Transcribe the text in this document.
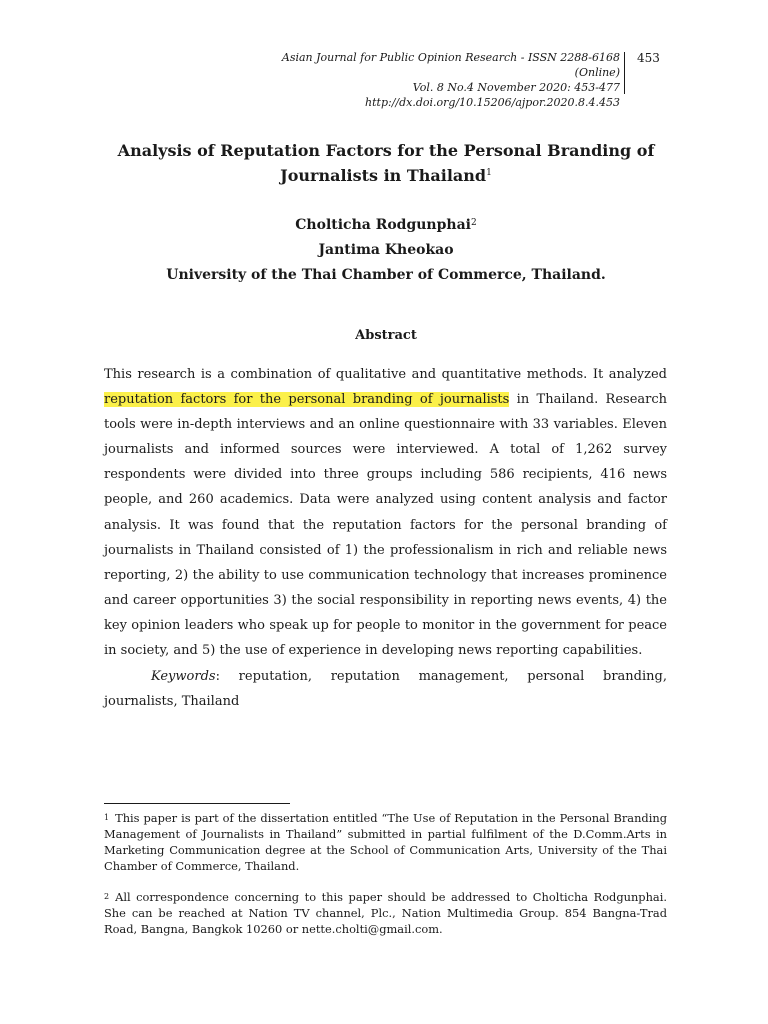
Asian Journal for Public Opinion Research - ISSN 2288-6168 (Online)
Vol. 8 No.4 November 2020: 453-477
http://dx.doi.org/10.15206/ajpor.2020.8.4.453
453
Analysis of Reputation Factors for the Personal Branding of
Journalists in Thailand$^1$
Cholticha Rodgunphai$^2$
Jantima Kheokao
University of the Thai Chamber of Commerce, Thailand.
Abstract
This research is a combination of qualitative and quantitative methods. It analyzed reputation factors for the personal branding of journalists in Thailand. Research tools were in-depth interviews and an online questionnaire with 33 variables. Eleven journalists and informed sources were interviewed. A total of 1,262 survey respondents were divided into three groups including 586 recipients, 416 news people, and 260 academics. Data were analyzed using content analysis and factor analysis. It was found that the reputation factors for the personal branding of journalists in Thailand consisted of 1) the professionalism in rich and reliable news reporting, 2) the ability to use communication technology that increases prominence and career opportunities 3) the social responsibility in reporting news events, 4) the key opinion leaders who speak up for people to monitor in the government for peace in society, and 5) the use of experience in developing news reporting capabilities.
Keywords: reputation, reputation management, personal branding, journalists, Thailand
$^1$ This paper is part of the dissertation entitled “The Use of Reputation in the Personal Branding Management of Journalists in Thailand” submitted in partial fulfilment of the D.Comm.Arts in Marketing Communication degree at the School of Communication Arts, University of the Thai Chamber of Commerce, Thailand.
$^2$ All correspondence concerning to this paper should be addressed to Cholticha Rodgunphai. She can be reached at Nation TV channel, Plc., Nation Multimedia Group. 854 Bangna-Trad Road, Bangna, Bangkok 10260 or nette.cholti@gmail.com.
